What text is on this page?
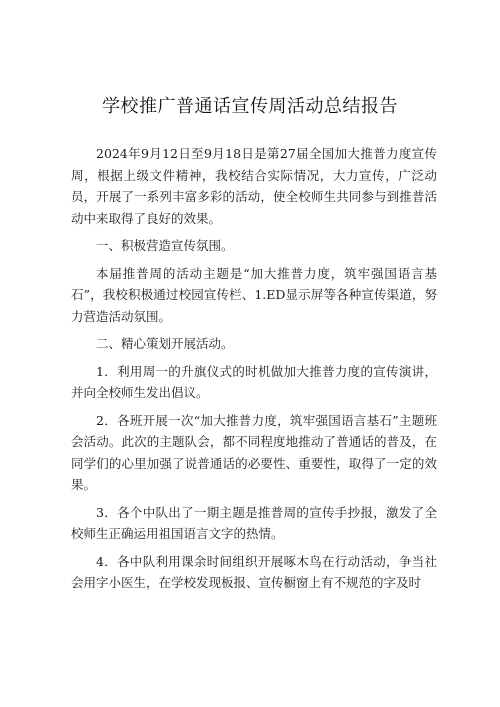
学校推广普通话宣传周活动总结报告

2024年9月12日至9月18日是第27届全国加大推普力度宣传周，根据上级文件精神，我校结合实际情况，大力宣传，广泛动员，开展了一系列丰富多彩的活动，使全校师生共同参与到推普活动中来取得了良好的效果。

一、积极营造宣传氛围。

本届推普周的活动主题是“加大推普力度，筑牢强国语言基石”，我校积极通过校园宣传栏、1.ED显示屏等各种宣传渠道，努力营造活动氛围。

二、精心策划开展活动。

1．利用周一的升旗仪式的时机做加大推普力度的宣传演讲，并向全校师生发出倡议。

2．各班开展一次“加大推普力度，筑牢强国语言基石”主题班会活动。此次的主题队会，都不同程度地推动了普通话的普及，在同学们的心里加强了说普通话的必要性、重要性，取得了一定的效果。

3．各个中队出了一期主题是推普周的宣传手抄报，激发了全校师生正确运用祖国语言文字的热情。

4．各中队利用课余时间组织开展啄木鸟在行动活动，争当社会用字小医生，在学校发现板报、宣传橱窗上有不规范的字及时
